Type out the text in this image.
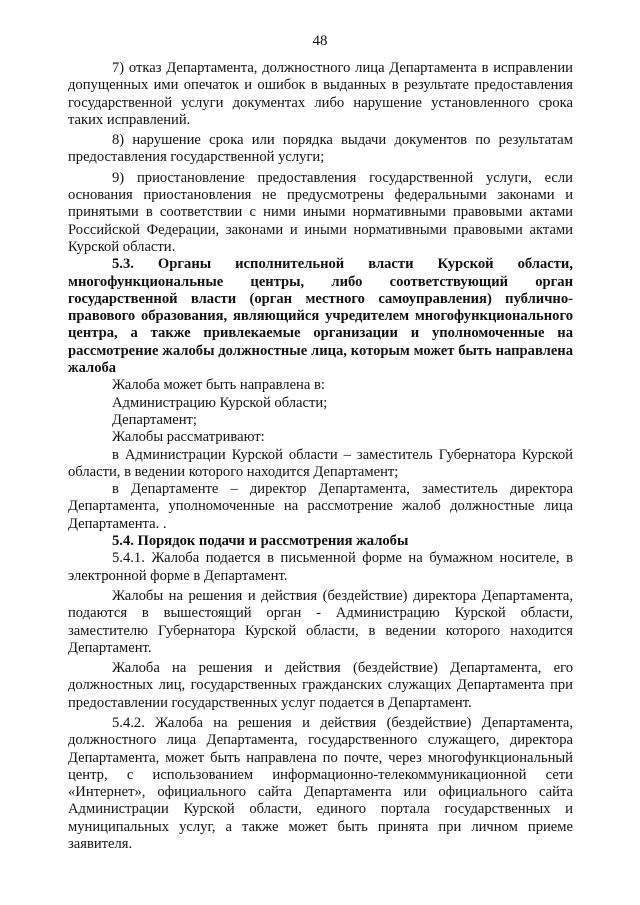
48

7) отказ Департамента, должностного лица Департамента в исправлении допущенных ими опечаток и ошибок в выданных в результате предоставления государственной услуги документах либо нарушение установленного срока таких исправлений.

8) нарушение срока или порядка выдачи документов по результатам предоставления государственной услуги;

9) приостановление предоставления государственной услуги, если основания приостановления не предусмотрены федеральными законами и принятыми в соответствии с ними иными нормативными правовыми актами Российской Федерации, законами и иными нормативными правовыми актами Курской области.

5.3. Органы исполнительной власти Курской области, многофункциональные центры, либо соответствующий орган государственной власти (орган местного самоуправления) публично-правового образования, являющийся учредителем многофункционального центра, а также привлекаемые организации и уполномоченные на рассмотрение жалобы должностные лица, которым может быть направлена жалоба

Жалоба может быть направлена в:

Администрацию Курской области;

Департамент;

Жалобы рассматривают:

в Администрации Курской области – заместитель Губернатора Курской области, в ведении которого находится Департамент;

в Департаменте – директор Департамента, заместитель директора Департамента, уполномоченные на рассмотрение жалоб должностные лица Департамента. .

5.4. Порядок подачи и рассмотрения жалобы

5.4.1. Жалоба подается в письменной форме на бумажном носителе, в электронной форме в Департамент.

Жалобы на решения и действия (бездействие) директора Департамента, подаются в вышестоящий орган - Администрацию Курской области, заместителю Губернатора Курской области, в ведении которого находится Департамент.

Жалоба на решения и действия (бездействие) Департамента, его должностных лиц, государственных гражданских служащих Департамента при предоставлении государственных услуг подается в Департамент.

5.4.2. Жалоба на решения и действия (бездействие) Департамента, должностного лица Департамента, государственного служащего, директора Департамента, может быть направлена по почте, через многофункциональный центр, с использованием информационно-телекоммуникационной сети «Интернет», официального сайта Департамента или официального сайта Администрации Курской области, единого портала государственных и муниципальных услуг, а также может быть принята при личном приеме заявителя.
